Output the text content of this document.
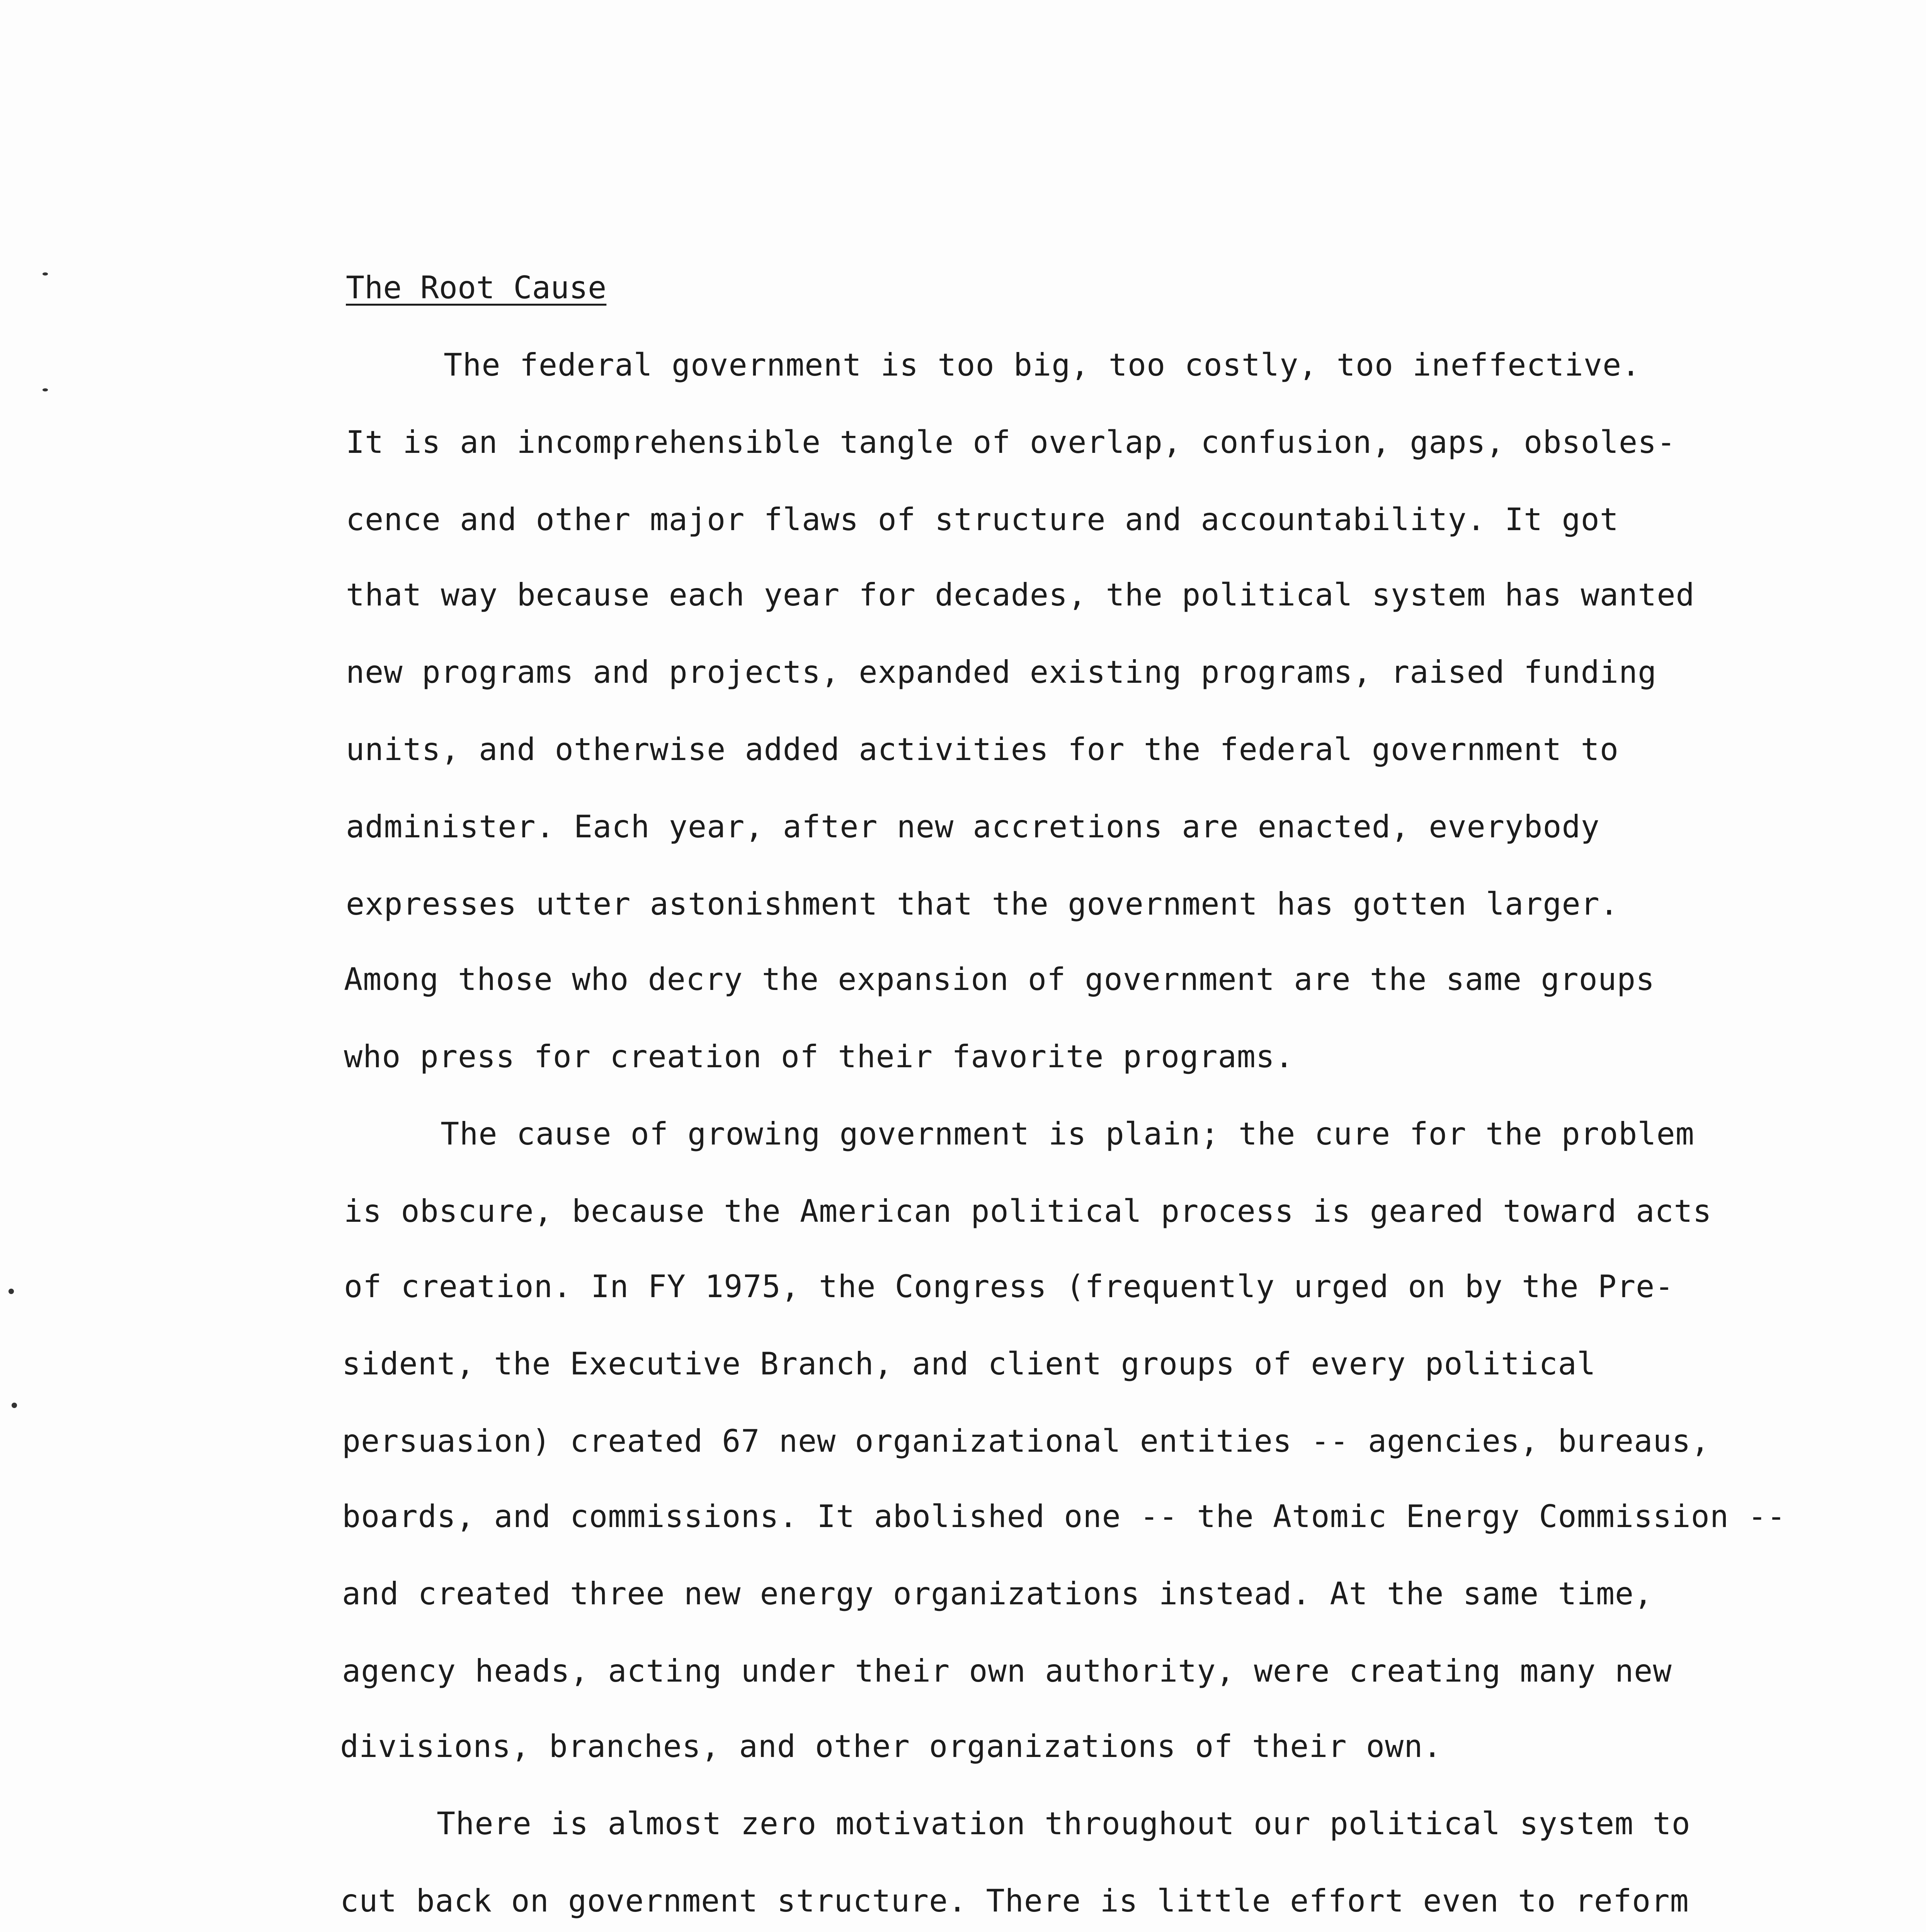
The Root Cause
The federal government is too big, too costly, too ineffective.
It is an incomprehensible tangle of overlap, confusion, gaps, obsoles-
cence and other major flaws of structure and accountability. It got
that way because each year for decades, the political system has wanted
new programs and projects, expanded existing programs, raised funding
units, and otherwise added activities for the federal government to
administer. Each year, after new accretions are enacted, everybody
expresses utter astonishment that the government has gotten larger.
Among those who decry the expansion of government are the same groups
who press for creation of their favorite programs.
The cause of growing government is plain; the cure for the problem
is obscure, because the American political process is geared toward acts
of creation. In FY 1975, the Congress (frequently urged on by the Pre-
sident, the Executive Branch, and client groups of every political
persuasion) created 67 new organizational entities -- agencies, bureaus,
boards, and commissions. It abolished one -- the Atomic Energy Commission --
and created three new energy organizations instead. At the same time,
agency heads, acting under their own authority, were creating many new
divisions, branches, and other organizations of their own.
There is almost zero motivation throughout our political system to
cut back on government structure. There is little effort even to reform
